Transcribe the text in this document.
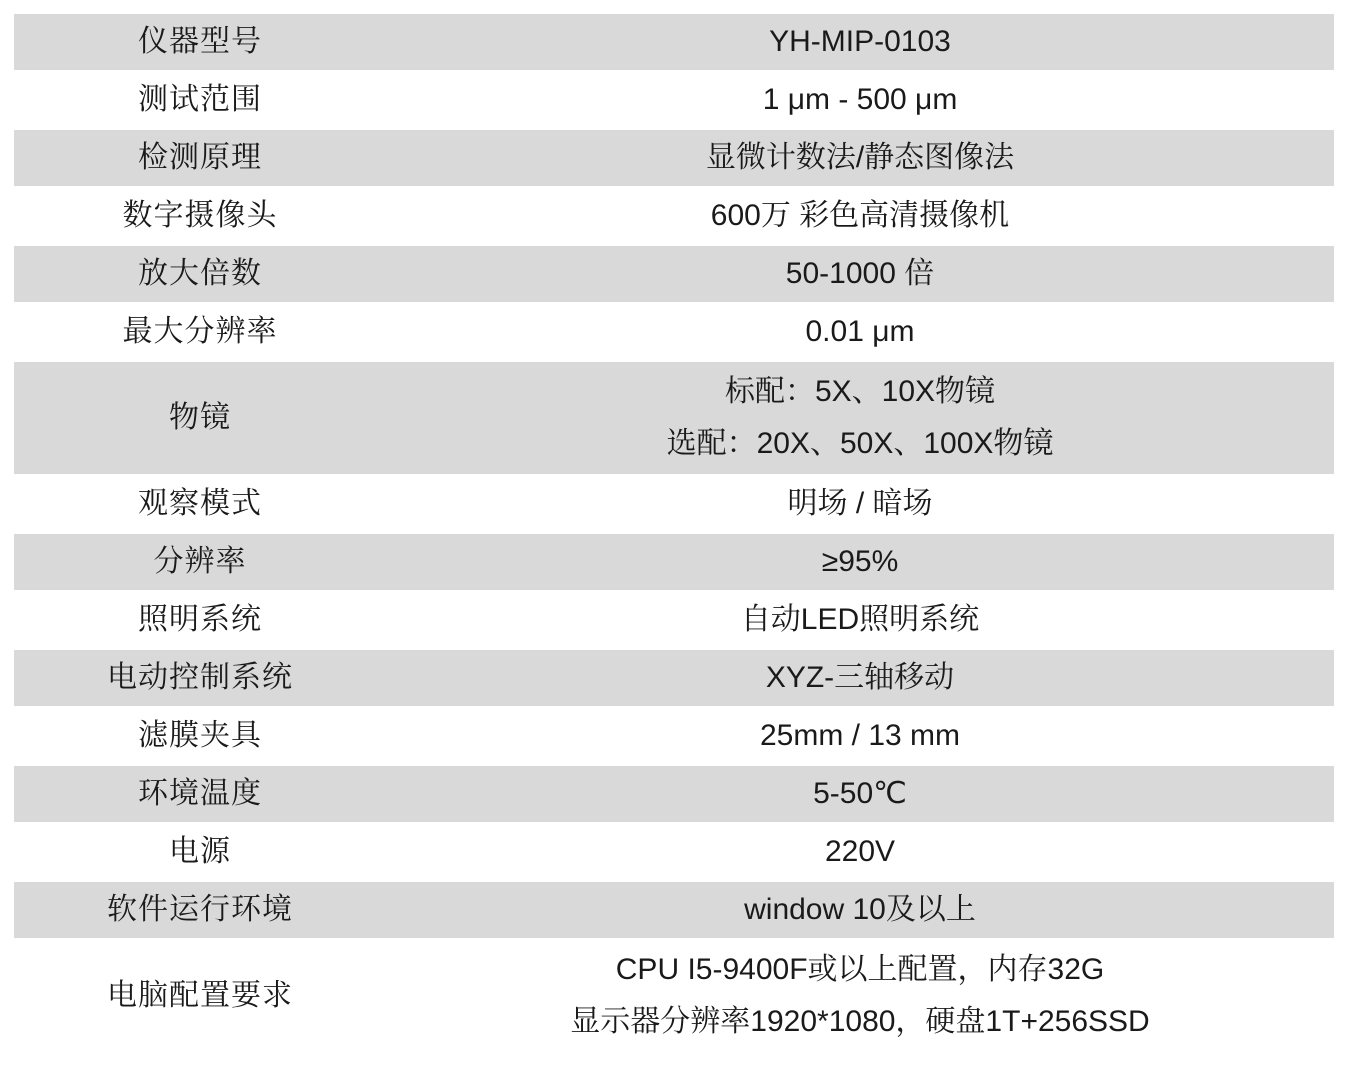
仪器型号	YH-MIP-0103

测试范围	1 μm - 500 μm

检测原理	显微计数法/静态图像法

数字摄像头	600万 彩色高清摄像机

放大倍数	50-1000 倍

最大分辨率	0.01 μm

物镜	标配：5X、10X物镜
选配：20X、50X、100X物镜

观察模式	明场 / 暗场

分辨率	≥95%

照明系统	自动LED照明系统

电动控制系统	XYZ-三轴移动

滤膜夹具	25mm / 13 mm

环境温度	5-50℃

电源	220V

软件运行环境	window 10及以上

电脑配置要求	CPU I5-9400F或以上配置，内存32G
显示器分辨率1920*1080，硬盘1T+256SSD
